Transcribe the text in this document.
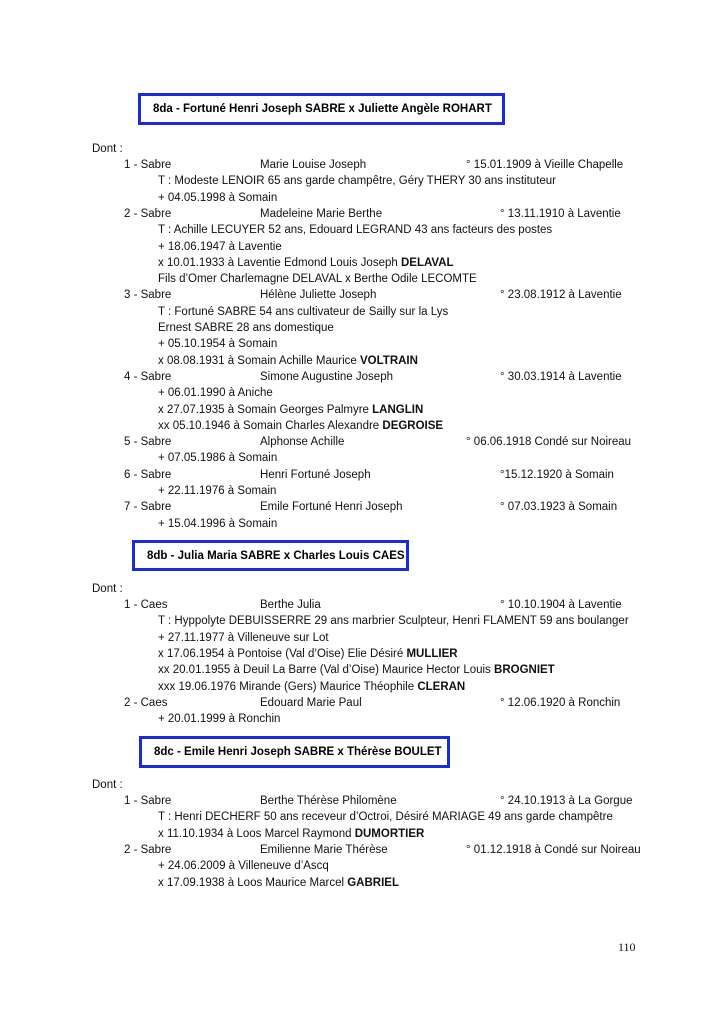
8da - Fortuné Henri Joseph SABRE x Juliette Angèle ROHART
Dont :
1 - Sabre	Marie Louise Joseph	° 15.01.1909 à Vieille Chapelle
T : Modeste LENOIR 65 ans garde champêtre, Géry THERY 30 ans instituteur
+ 04.05.1998 à Somain
2 - Sabre	Madeleine Marie Berthe	° 13.11.1910 à Laventie
T : Achille LECUYER 52 ans, Edouard LEGRAND 43 ans facteurs des postes
+ 18.06.1947 à Laventie
x 10.01.1933 à Laventie Edmond Louis Joseph DELAVAL
Fils d’Omer Charlemagne DELAVAL x Berthe Odile LECOMTE
3 - Sabre	Hélène Juliette Joseph	° 23.08.1912 à Laventie
T : Fortuné SABRE 54 ans cultivateur de Sailly sur la Lys
Ernest SABRE 28 ans domestique
+ 05.10.1954 à Somain
x 08.08.1931 à Somain Achille Maurice VOLTRAIN
4 - Sabre	Simone Augustine Joseph	° 30.03.1914 à Laventie
+ 06.01.1990 à Aniche
x 27.07.1935 à Somain Georges Palmyre LANGLIN
xx 05.10.1946 à Somain Charles Alexandre DEGROISE
5 - Sabre	Alphonse Achille	° 06.06.1918 Condé sur Noireau
+ 07.05.1986 à Somain
6 - Sabre	Henri Fortuné Joseph	°15.12.1920 à Somain
+ 22.11.1976 à Somain
7 - Sabre	Emile Fortuné Henri Joseph	° 07.03.1923 à Somain
+ 15.04.1996 à Somain
8db - Julia Maria SABRE x Charles Louis CAES
Dont :
1 - Caes	Berthe Julia	° 10.10.1904 à Laventie
T : Hyppolyte DEBUISSERRE 29 ans marbrier Sculpteur, Henri FLAMENT 59 ans boulanger
+ 27.11.1977 à Villeneuve sur Lot
x 17.06.1954 à Pontoise (Val d’Oise) Elie Désiré MULLIER
xx 20.01.1955 à Deuil La Barre (Val d’Oise) Maurice Hector Louis BROGNIET
xxx 19.06.1976 Mirande (Gers) Maurice Théophile CLERAN
2 - Caes	Edouard Marie Paul	° 12.06.1920 à Ronchin
+ 20.01.1999 à Ronchin
8dc - Emile Henri Joseph SABRE x Thérèse BOULET
Dont :
1 - Sabre	Berthe Thérèse Philomène	° 24.10.1913 à La Gorgue
T : Henri DECHERF 50 ans receveur d’Octroi, Désiré MARIAGE 49 ans garde champêtre
x 11.10.1934 à Loos Marcel Raymond DUMORTIER
2 - Sabre	Emilienne Marie Thérèse	° 01.12.1918 à Condé sur Noireau
+ 24.06.2009 à Villeneuve d’Ascq
x 17.09.1938 à Loos Maurice Marcel GABRIEL
110
